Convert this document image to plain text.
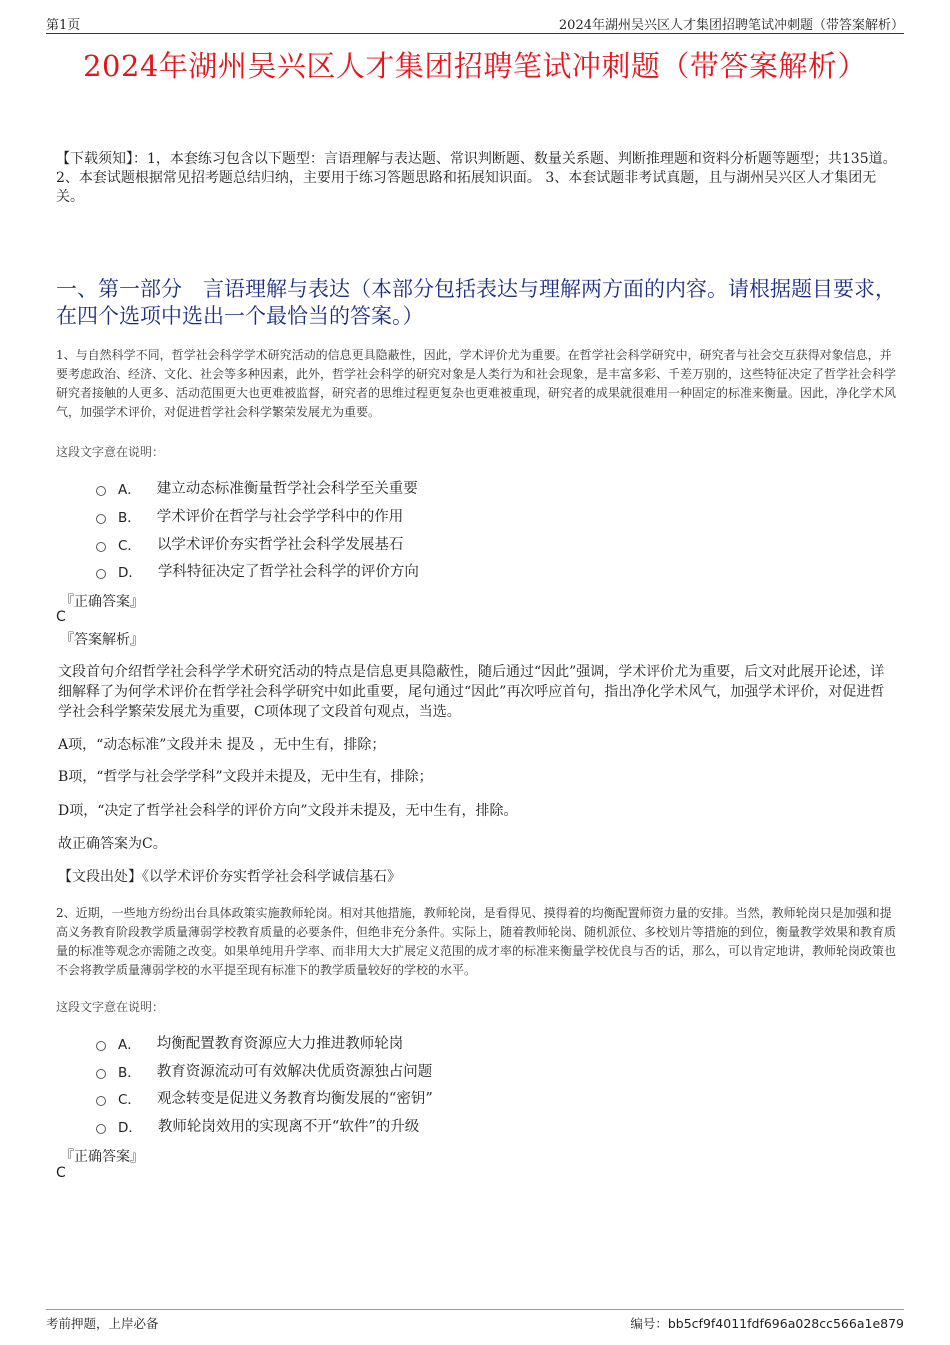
第1页	2024年湖州吴兴区人才集团招聘笔试冲刺题（带答案解析）
2024年湖州吴兴区人才集团招聘笔试冲刺题（带答案解析）
【下载须知】：1，本套练习包含以下题型：言语理解与表达题、常识判断题、数量关系题、判断推理题和资料分析题等题型；共135道。 2、本套试题根据常见招考题总结归纳，主要用于练习答题思路和拓展知识面。 3、本套试题非考试真题，且与湖州吴兴区人才集团无关。
一、第一部分　言语理解与表达（本部分包括表达与理解两方面的内容。请根据题目要求，在四个选项中选出一个最恰当的答案。）
1、与自然科学不同，哲学社会科学学术研究活动的信息更具隐蔽性，因此，学术评价尤为重要。在哲学社会科学研究中，研究者与社会交互获得对象信息，并要考虑政治、经济、文化、社会等多种因素，此外，哲学社会科学的研究对象是人类行为和社会现象，是丰富多彩、千差万别的，这些特征决定了哲学社会科学研究者接触的人更多、活动范围更大也更难被监督，研究者的思维过程更复杂也更难被重现，研究者的成果就很难用一种固定的标准来衡量。因此，净化学术风气，加强学术评价，对促进哲学社会科学繁荣发展尤为重要。
这段文字意在说明：
A． 建立动态标准衡量哲学社会科学至关重要
B． 学术评价在哲学与社会学学科中的作用
C． 以学术评价夯实哲学社会科学发展基石
D． 学科特征决定了哲学社会科学的评价方向
『正确答案』
C
『答案解析』
文段首句介绍哲学社会科学学术研究活动的特点是信息更具隐蔽性，随后通过“因此”强调，学术评价尤为重要，后文对此展开论述，详细解释了为何学术评价在哲学社会科学研究中如此重要，尾句通过“因此”再次呼应首句，指出净化学术风气，加强学术评价，对促进哲学社会科学繁荣发展尤为重要，C项体现了文段首句观点，当选。
A项，“动态标准”文段并未 提及 ，无中生有，排除；
B项，“哲学与社会学学科”文段并未提及，无中生有，排除；
D项，“决定了哲学社会科学的评价方向”文段并未提及，无中生有，排除。
故正确答案为C。
【文段出处】《以学术评价夯实哲学社会科学诚信基石》
2、近期，一些地方纷纷出台具体政策实施教师轮岗。相对其他措施，教师轮岗，是看得见、摸得着的均衡配置师资力量的安排。当然，教师轮岗只是加强和提高义务教育阶段教学质量薄弱学校教育质量的必要条件，但绝非充分条件。实际上，随着教师轮岗、随机派位、多校划片等措施的到位，衡量教学效果和教育质量的标准等观念亦需随之改变。如果单纯用升学率、而非用大大扩展定义范围的成才率的标准来衡量学校优良与否的话，那么，可以肯定地讲，教师轮岗政策也不会将教学质量薄弱学校的水平提至现有标准下的教学质量较好的学校的水平。
这段文字意在说明：
A． 均衡配置教育资源应大力推进教师轮岗
B． 教育资源流动可有效解决优质资源独占问题
C． 观念转变是促进义务教育均衡发展的“密钥”
D． 教师轮岗效用的实现离不开“软件”的升级
『正确答案』
C
考前押题，上岸必备	编号：bb5cf9f4011fdf696a028cc566a1e879
